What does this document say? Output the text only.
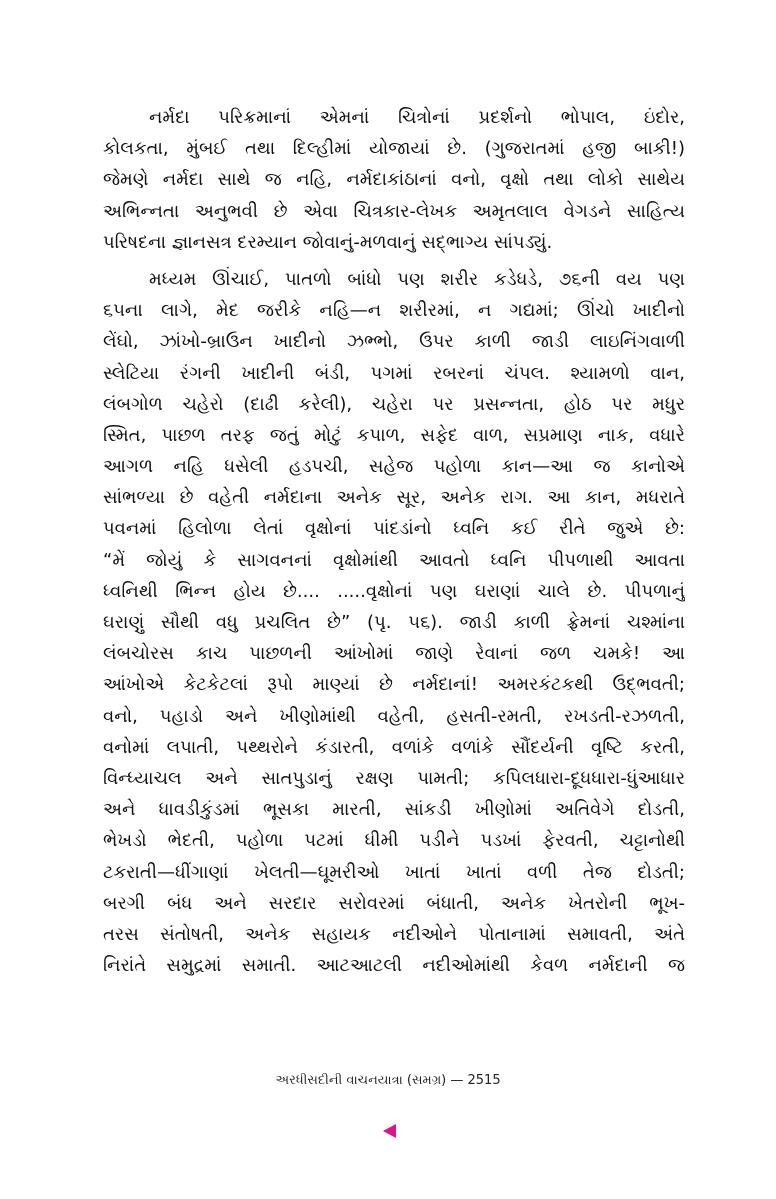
નર્મદા પરિક્રમાનાં એમનાં ચિત્રોનાં પ્રદર્શનો ભોપાલ, ઇંદોર,
કોલકતા, મુંબઈ તથા દિલ્હીમાં યોજાયાં છે. (ગુજરાતમાં હજી બાકી!)
જેમણે નર્મદા સાથે જ નહિ, નર્મદાકાંઠાનાં વનો, વૃક્ષો તથા લોકો સાથેય
અભિન્નતા અનુભવી છે એવા ચિત્રકાર-લેખક અમૃતલાલ વેગડને સાહિત્ય
પરિષદના જ્ઞાનસત્ર દરમ્યાન જોવાનું-મળવાનું સદ્ભાગ્ય સાંપડ્યું.
મધ્યમ ઊંચાઈ, પાતળો બાંધો પણ શરીર કડેધડે, ૭૬ની વય પણ
૬૫ના લાગે, મેદ જરીકે નહિ—ન શરીરમાં, ન ગદ્યમાં; ઊંચો ખાદીનો
લેંઘો, ઝાંખો-બ્રાઉન ખાદીનો ઝભ્ભો, ઉપર કાળી જાડી લાઇનિંગવાળી
સ્લેટિયા રંગની ખાદીની બંડી, પગમાં રબરનાં ચંપલ. શ્યામળો વાન,
લંબગોળ ચહેરો (દાઢી કરેલી), ચહેરા પર પ્રસન્નતા, હોઠ પર મધુર
સ્મિત, પાછળ તરફ જતું મોટું કપાળ, સફેદ વાળ, સપ્રમાણ નાક, વધારે
આગળ નહિ ધસેલી હડપચી, સહેજ પહોળા કાન—આ જ કાનોએ
સાંભળ્યા છે વહેતી નર્મદાના અનેક સૂર, અનેક રાગ. આ કાન, મધરાતે
પવનમાં હિલોળા લેતાં વૃક્ષોનાં પાંદડાંનો ધ્વનિ કઈ રીતે જુએ છે:
“મેં જોયું કે સાગવનનાં વૃક્ષોમાંથી આવતો ધ્વનિ પીપળાથી આવતા
ધ્વનિથી ભિન્ન હોય છે.... .....વૃક્ષોનાં પણ ઘરાણાં ચાલે છે. પીપળાનું
ઘરાણું સૌથી વધુ પ્રચલિત છે” (પૃ. ૫૬). જાડી કાળી ફ્રેમનાં ચશ્માંના
લંબચોરસ કાચ પાછળની આંખોમાં જાણે રેવાનાં જળ ચમકે! આ
આંખોએ કેટકેટલાં રૂપો માણ્યાં છે નર્મદાનાં! અમરકંટકથી ઉદ્ભવતી;
વનો, પહાડો અને ખીણોમાંથી વહેતી, હસતી-રમતી, રખડતી-રઝળતી,
વનોમાં લપાતી, પથ્થરોને કંડારતી, વળાંકે વળાંકે સૌંદર્યની વૃષ્ટિ કરતી,
વિન્ધ્યાચલ અને સાતપુડાનું રક્ષણ પામતી; કપિલધારા-દૂધધારા-ધુંઆધાર
અને ધાવડીકુંડમાં ભૂસકા મારતી, સાંકડી ખીણોમાં અતિવેગે દોડતી,
ભેખડો ભેદતી, પહોળા પટમાં ધીમી પડીને પડખાં ફેરવતી, ચટ્ટાનોથી
ટકરાતી—ધીંગાણાં ખેલતી—ઘૂમરીઓ ખાતાં ખાતાં વળી તેજ દોડતી;
બરગી બંધ અને સરદાર સરોવરમાં બંધાતી, અનેક ખેતરોની ભૂખ-
તરસ સંતોષતી, અનેક સહાયક નદીઓને પોતાનામાં સમાવતી, અંતે
નિરાંતે સમુદ્રમાં સમાતી. આટઆટલી નદીઓમાંથી કેવળ નર્મદાની જ
અરધીસદીની વાચનયાત્રા (સમગ્ર) — 2515
